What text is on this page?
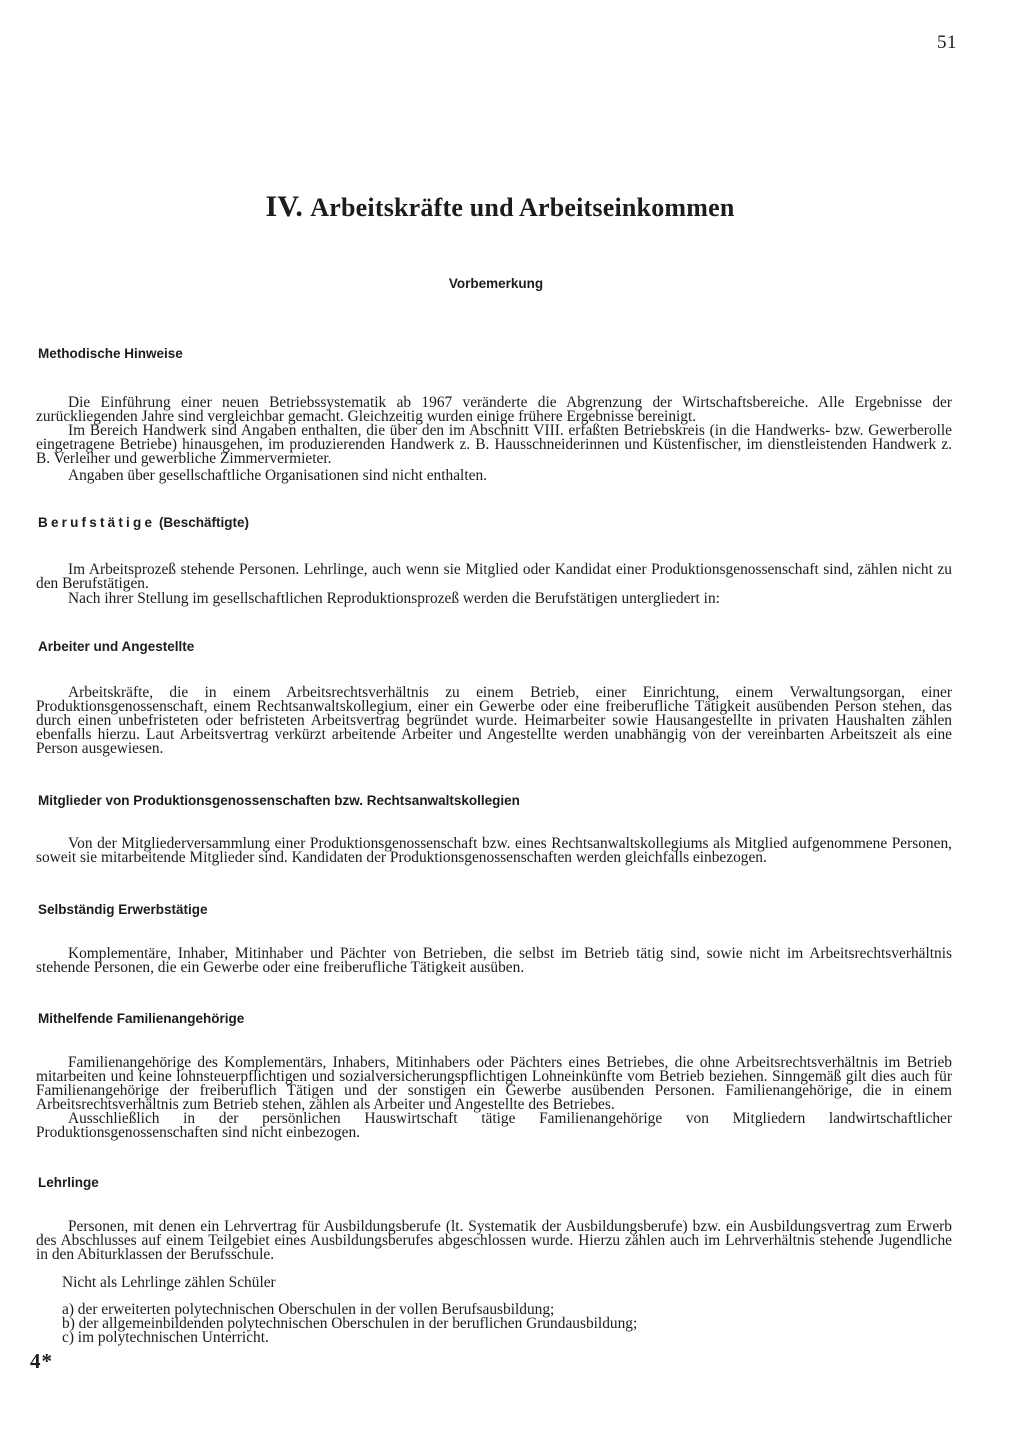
51
IV. Arbeitskräfte und Arbeitseinkommen
Vorbemerkung
Methodische Hinweise
Die Einführung einer neuen Betriebssystematik ab 1967 veränderte die Abgrenzung der Wirtschaftsbereiche. Alle Ergebnisse der zurückliegenden Jahre sind vergleichbar gemacht. Gleichzeitig wurden einige frühere Ergebnisse bereinigt.
Im Bereich Handwerk sind Angaben enthalten, die über den im Abschnitt VIII. erfaßten Betriebskreis (in die Handwerks- bzw. Gewerberolle eingetragene Betriebe) hinausgehen, im produzierenden Handwerk z. B. Hausschneiderinnen und Küstenfischer, im dienstleistenden Handwerk z. B. Verleiher und gewerbliche Zimmervermieter.
Angaben über gesellschaftliche Organisationen sind nicht enthalten.
Berufstätige (Beschäftigte)
Im Arbeitsprozeß stehende Personen. Lehrlinge, auch wenn sie Mitglied oder Kandidat einer Produktionsgenossenschaft sind, zählen nicht zu den Berufstätigen.
Nach ihrer Stellung im gesellschaftlichen Reproduktionsprozeß werden die Berufstätigen untergliedert in:
Arbeiter und Angestellte
Arbeitskräfte, die in einem Arbeitsrechtsverhältnis zu einem Betrieb, einer Einrichtung, einem Verwaltungsorgan, einer Produktionsgenossenschaft, einem Rechtsanwaltskollegium, einer ein Gewerbe oder eine freiberufliche Tätigkeit ausübenden Person stehen, das durch einen unbefristeten oder befristeten Arbeitsvertrag begründet wurde. Heimarbeiter sowie Hausangestellte in privaten Haushalten zählen ebenfalls hierzu. Laut Arbeitsvertrag verkürzt arbeitende Arbeiter und Angestellte werden unabhängig von der vereinbarten Arbeitszeit als eine Person ausgewiesen.
Mitglieder von Produktionsgenossenschaften bzw. Rechtsanwaltskollegien
Von der Mitgliederversammlung einer Produktionsgenossenschaft bzw. eines Rechtsanwaltskollegiums als Mitglied aufgenommene Personen, soweit sie mitarbeitende Mitglieder sind. Kandidaten der Produktionsgenossenschaften werden gleichfalls einbezogen.
Selbständig Erwerbstätige
Komplementäre, Inhaber, Mitinhaber und Pächter von Betrieben, die selbst im Betrieb tätig sind, sowie nicht im Arbeitsrechtsverhältnis stehende Personen, die ein Gewerbe oder eine freiberufliche Tätigkeit ausüben.
Mithelfende Familienangehörige
Familienangehörige des Komplementärs, Inhabers, Mitinhabers oder Pächters eines Betriebes, die ohne Arbeitsrechtsverhältnis im Betrieb mitarbeiten und keine lohnsteuerpflichtigen und sozialversicherungspflichtigen Lohneinkünfte vom Betrieb beziehen. Sinngemäß gilt dies auch für Familienangehörige der freiberuflich Tätigen und der sonstigen ein Gewerbe ausübenden Personen. Familienangehörige, die in einem Arbeitsrechtsverhältnis zum Betrieb stehen, zählen als Arbeiter und Angestellte des Betriebes.
Ausschließlich in der persönlichen Hauswirtschaft tätige Familienangehörige von Mitgliedern landwirtschaftlicher Produktionsgenossenschaften sind nicht einbezogen.
Lehrlinge
Personen, mit denen ein Lehrvertrag für Ausbildungsberufe (lt. Systematik der Ausbildungsberufe) bzw. ein Ausbildungsvertrag zum Erwerb des Abschlusses auf einem Teilgebiet eines Ausbildungsberufes abgeschlossen wurde. Hierzu zählen auch im Lehrverhältnis stehende Jugendliche in den Abiturklassen der Berufsschule.
Nicht als Lehrlinge zählen Schüler
a) der erweiterten polytechnischen Oberschulen in der vollen Berufsausbildung;
b) der allgemeinbildenden polytechnischen Oberschulen in der beruflichen Grundausbildung;
c) im polytechnischen Unterricht.
4*
